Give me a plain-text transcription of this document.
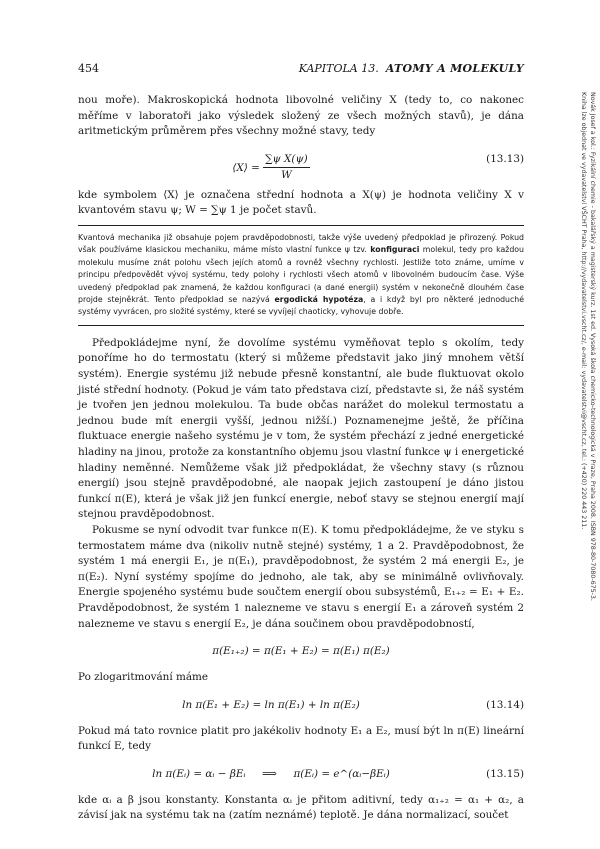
454	KAPITOLA 13. ATOMY A MOLEKULY

nou moře). Makroskopická hodnota libovolné veličiny X (tedy to, co nakonec měříme v laboratoři jako výsledek složený ze všech možných stavů), je dána aritmetickým průměrem přes všechny možné stavy, tedy

⟨X⟩ = $\frac{\text{∑ψ X(ψ)}}{W}$	(13.13)

kde symbolem ⟨X⟩ je označena střední hodnota a X(ψ) je hodnota veličiny X v kvantovém stavu ψ; W = ∑ψ 1 je počet stavů.

Kvantová mechanika již obsahuje pojem pravděpodobnosti, takže výše uvedený předpoklad je přirozený. Pokud však používáme klasickou mechaniku, máme místo vlastní funkce ψ tzv. konfiguraci molekul, tedy pro každou molekulu musíme znát polohu všech jejích atomů a rovněž všechny rychlosti. Jestliže toto známe, umíme v principu předpovědět vývoj systému, tedy polohy i rychlosti všech atomů v libovolném budoucím čase. Výše uvedený předpoklad pak znamená, že každou konfiguraci (a dané energii) systém v nekonečně dlouhém čase projde stejněkrát. Tento předpoklad se nazývá ergodická hypotéza, a i když byl pro některé jednoduché systémy vyvrácen, pro složité systémy, které se vyvíjejí chaoticky, vyhovuje dobře.

Předpokládejme nyní, že dovolíme systému vyměňovat teplo s okolím, tedy ponoříme ho do termostatu (který si můžeme představit jako jiný mnohem větší systém). Energie systému již nebude přesně konstantní, ale bude fluktuovat okolo jisté střední hodnoty. (Pokud je vám tato představa cizí, představte si, že náš systém je tvořen jen jednou molekulou. Ta bude občas narážet do molekul termostatu a jednou bude mít energii vyšší, jednou nižší.) Poznamenejme ještě, že příčina fluktuace energie našeho systému je v tom, že systém přechází z jedné energetické hladiny na jinou, protože za konstantního objemu jsou vlastní funkce ψ i energetické hladiny neměnné. Nemůžeme však již předpokládat, že všechny stavy (s různou energií) jsou stejně pravděpodobné, ale naopak jejich zastoupení je dáno jistou funkcí π(E), která je však již jen funkcí energie, neboť stavy se stejnou energií mají stejnou pravděpodobnost.

Pokusme se nyní odvodit tvar funkce π(E). K tomu předpokládejme, že ve styku s termostatem máme dva (nikoliv nutně stejné) systémy, 1 a 2. Pravděpodobnost, že systém 1 má energii E₁, je π(E₁), pravděpodobnost, že systém 2 má energii E₂, je π(E₂). Nyní systémy spojíme do jednoho, ale tak, aby se minimálně ovlivňovaly. Energie spojeného systému bude součtem energií obou subsystémů, E₁₊₂ = E₁ + E₂. Pravděpodobnost, že systém 1 nalezneme ve stavu s energií E₁ a zároveň systém 2 nalezneme ve stavu s energií E₂, je dána součinem obou pravděpodobností,

π(E₁₊₂) = π(E₁ + E₂) = π(E₁) π(E₂)

Po zlogaritmování máme

ln π(E₁ + E₂) = ln π(E₁) + ln π(E₂)	(13.14)

Pokud má tato rovnice platit pro jakékoliv hodnoty E₁ a E₂, musí být ln π(E) lineární funkcí E, tedy

ln π(Eᵢ) = αᵢ − βEᵢ ⟹ π(Eᵢ) = e^(αᵢ−βEᵢ)	(13.15)

kde αᵢ a β jsou konstanty. Konstanta αᵢ je přitom aditivní, tedy α₁₊₂ = α₁ + α₂, a závisí jak na systému tak na (zatím neznámé) teplotě. Je dána normalizací, součet

Novák Josef a kol.: Fyzikální chemie - bakalářský a magisterský kurz. 1st ed. Vysoká škola chemicko-technologická v Praze, Praha 2008. ISBN 978-80-7080-675-3.
Kniha lze objednat ve vydavatelství VŠCHT Praha, http://vydavatelstvi.vscht.cz/, e-mail: vydavatelstvi@vscht.cz, tel.: (+420) 220 443 211.
